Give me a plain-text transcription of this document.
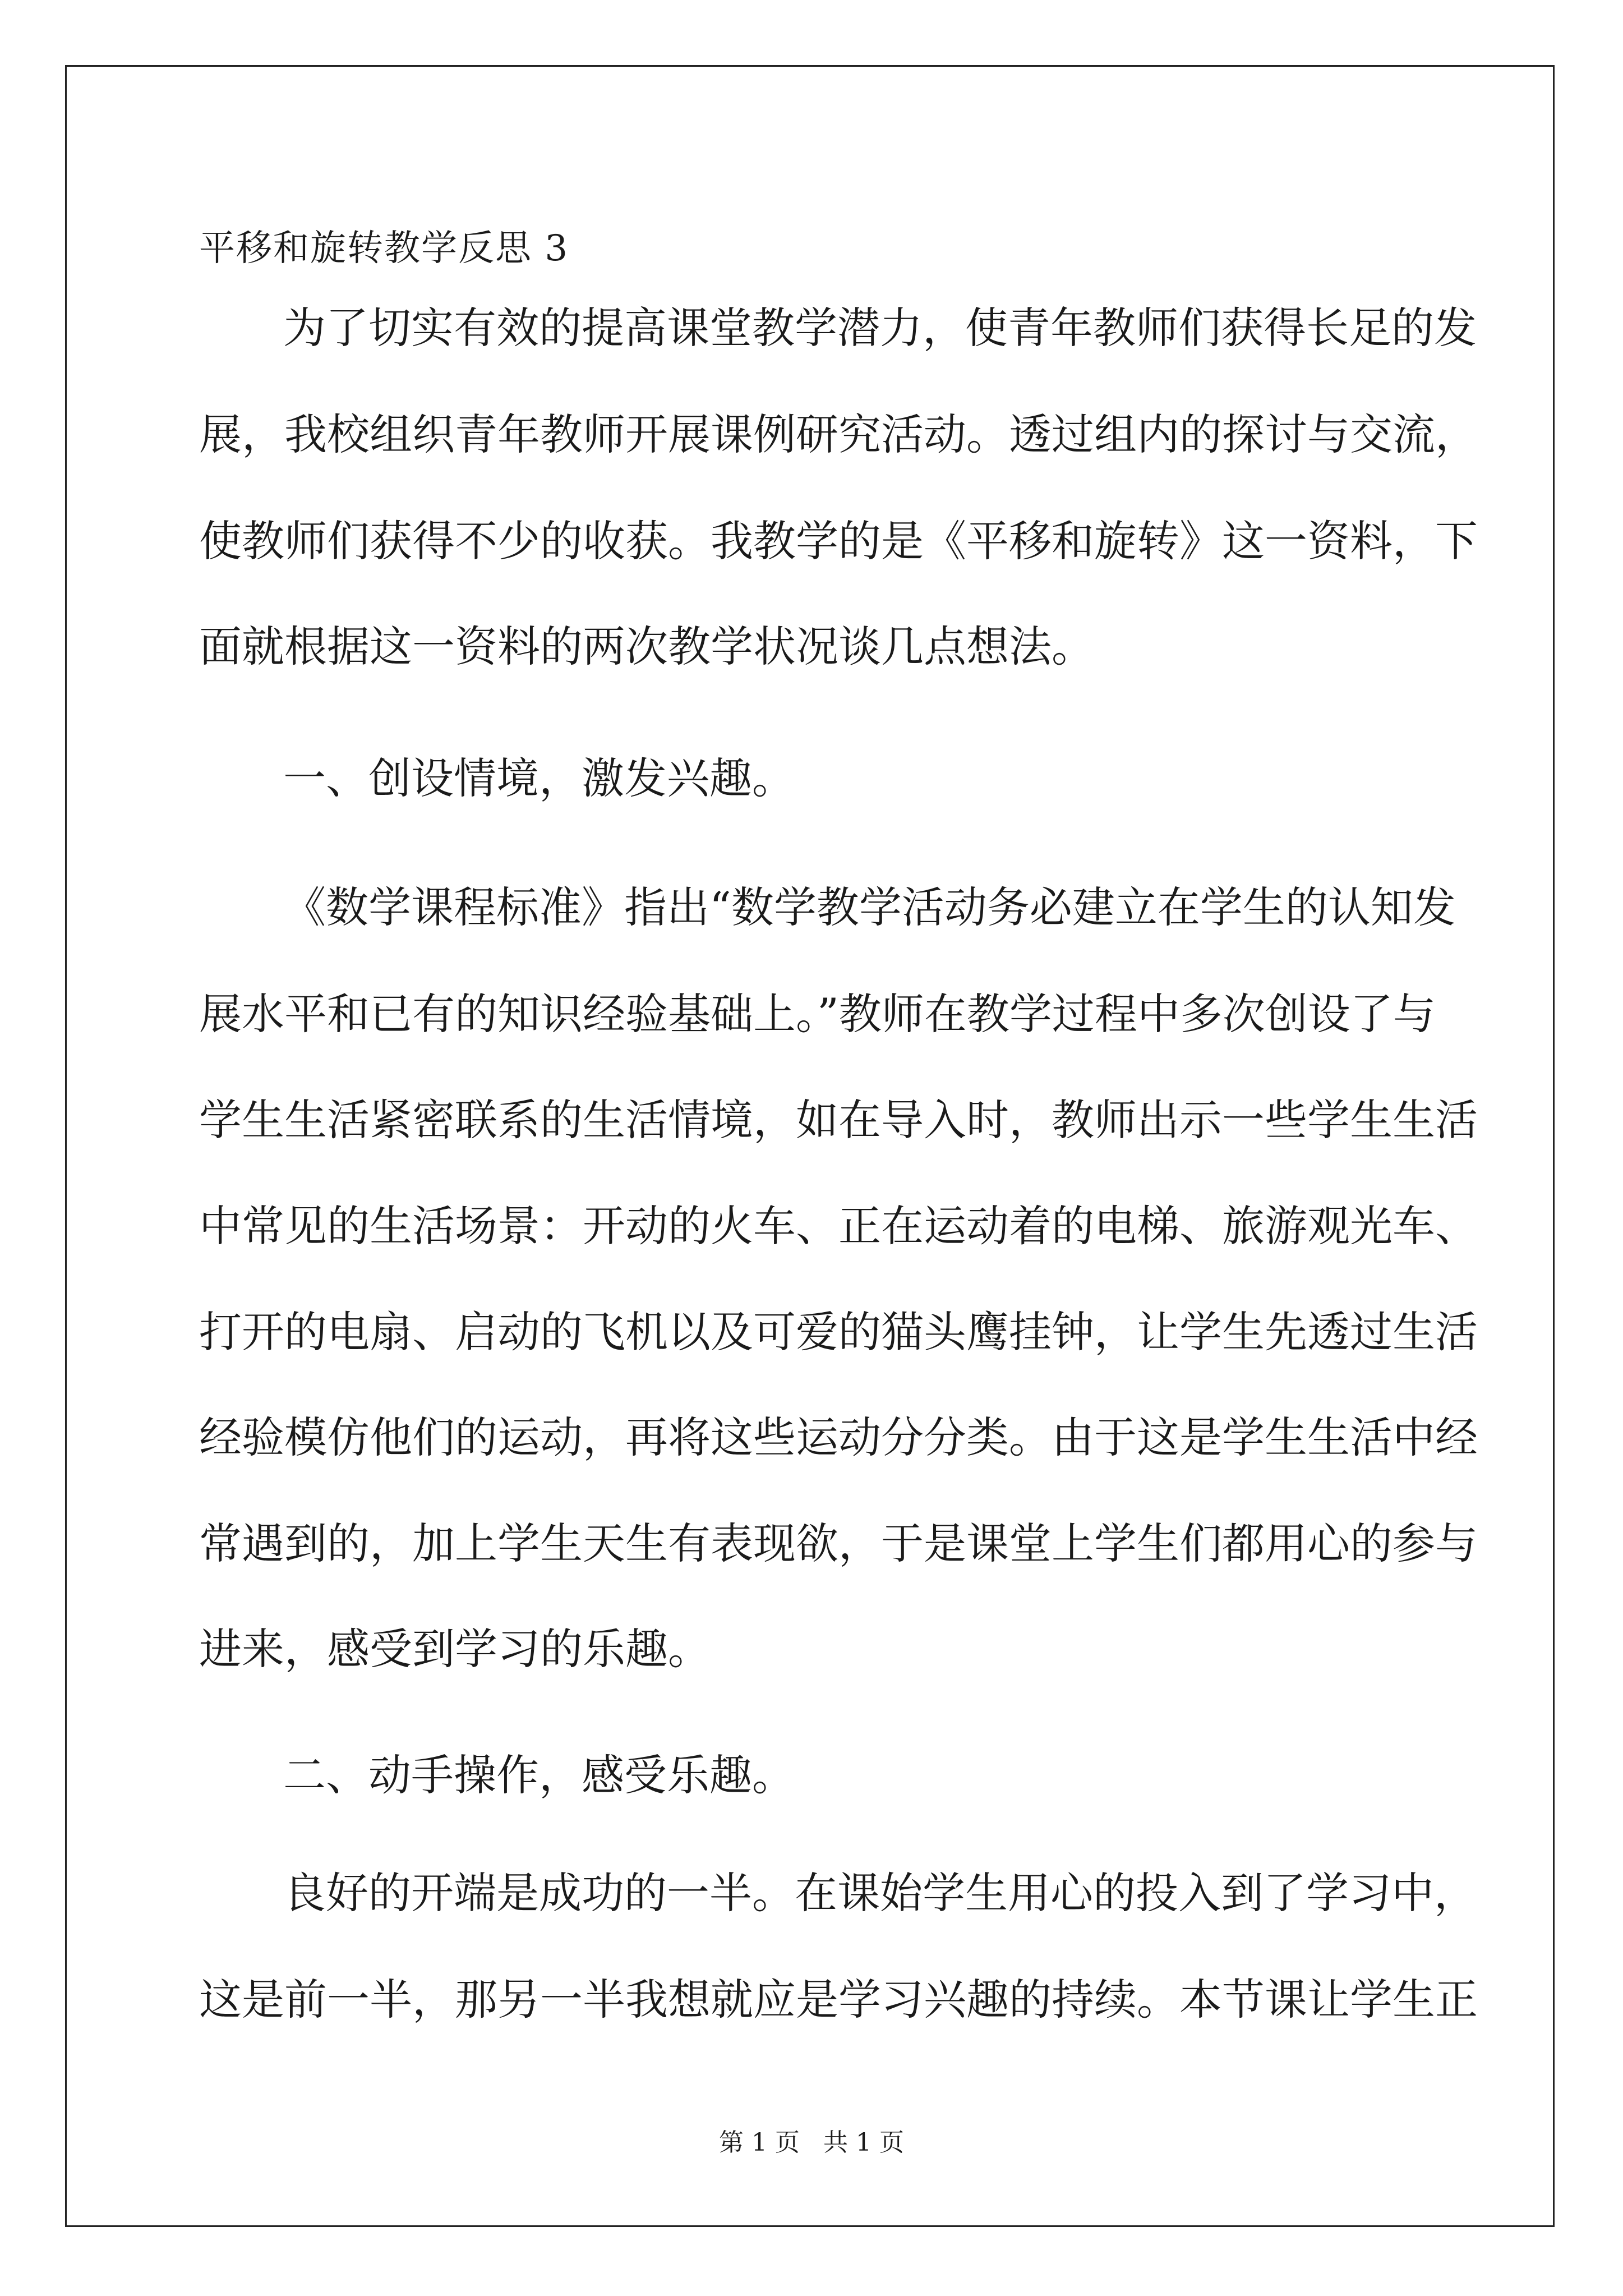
平移和旋转教学反思 3
为了切实有效的提高课堂教学潜力，使青年教师们获得长足的发
展，我校组织青年教师开展课例研究活动。透过组内的探讨与交流，
使教师们获得不少的收获。我教学的是《平移和旋转》这一资料，下
面就根据这一资料的两次教学状况谈几点想法。
一、创设情境，激发兴趣。
《数学课程标准》指出“数学教学活动务必建立在学生的认知发
展水平和已有的知识经验基础上。”教师在教学过程中多次创设了与
学生生活紧密联系的生活情境，如在导入时，教师出示一些学生生活
中常见的生活场景：开动的火车、正在运动着的电梯、旅游观光车、
打开的电扇、启动的飞机以及可爱的猫头鹰挂钟，让学生先透过生活
经验模仿他们的运动，再将这些运动分分类。由于这是学生生活中经
常遇到的，加上学生天生有表现欲，于是课堂上学生们都用心的参与
进来，感受到学习的乐趣。
二、动手操作，感受乐趣。
良好的开端是成功的一半。在课始学生用心的投入到了学习中，
这是前一半，那另一半我想就应是学习兴趣的持续。本节课让学生正
第 1 页   共 1 页
